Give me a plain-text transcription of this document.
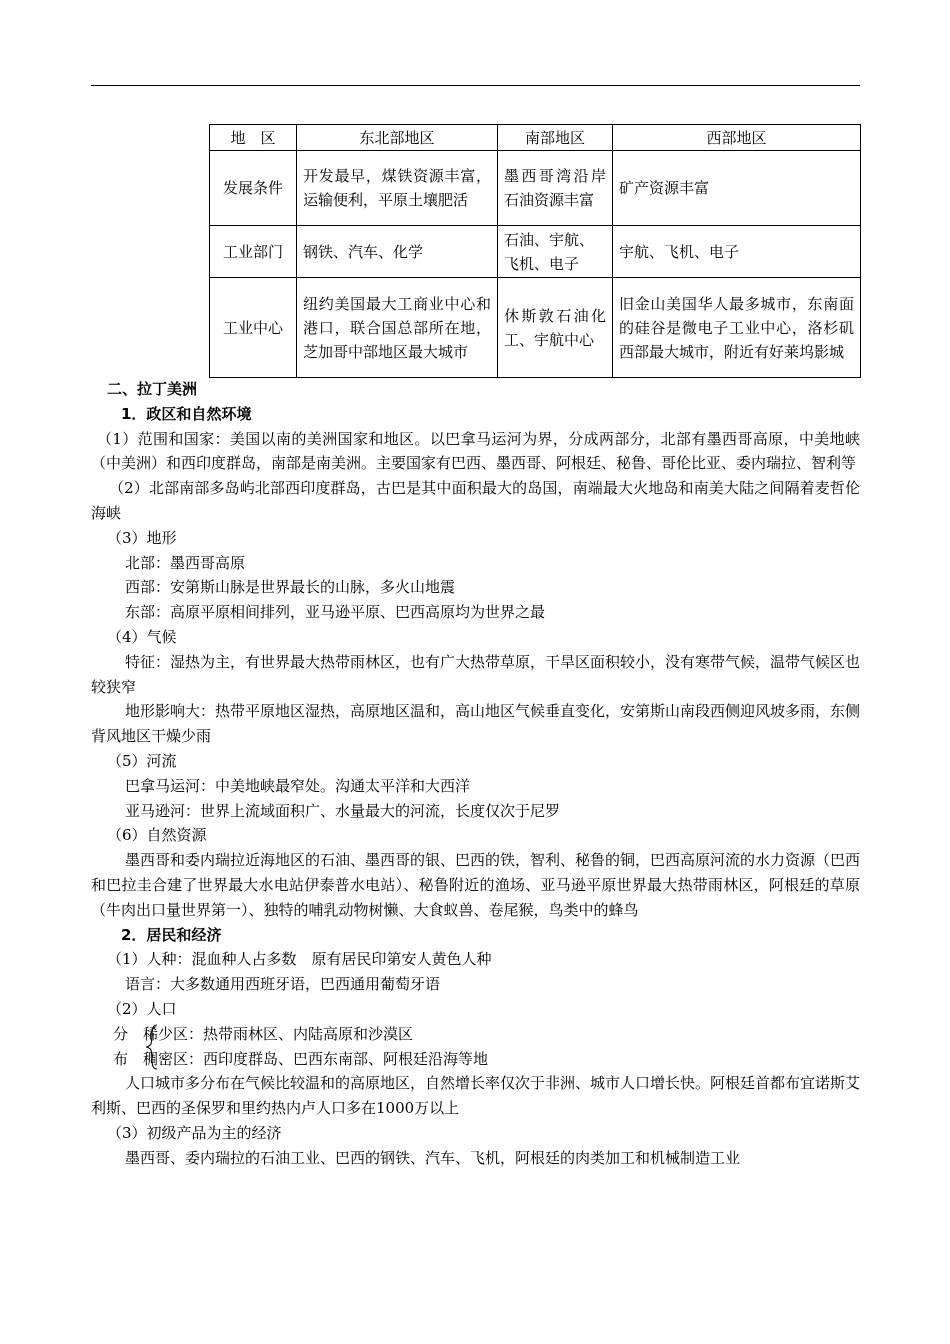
地　区	东北部地区	南部地区	西部地区
发展条件	开发最早，煤铁资源丰富，运输便利，平原土壤肥活	墨西哥湾沿岸石油资源丰富	矿产资源丰富
工业部门	钢铁、汽车、化学	石油、宇航、飞机、电子	宇航、飞机、电子
工业中心	纽约美国最大工商业中心和港口，联合国总部所在地，芝加哥中部地区最大城市	休斯敦石油化工、宇航中心	旧金山美国华人最多城市，东南面的硅谷是微电子工业中心，洛杉矶西部最大城市，附近有好莱坞影城

二、拉丁美洲

1．政区和自然环境

（1）范围和国家：美国以南的美洲国家和地区。以巴拿马运河为界，分成两部分，北部有墨西哥高原，中美地峡（中美洲）和西印度群岛，南部是南美洲。主要国家有巴西、墨西哥、阿根廷、秘鲁、哥伦比亚、委内瑞拉、智利等

（2）北部南部多岛屿北部西印度群岛，古巴是其中面积最大的岛国，南端最大火地岛和南美大陆之间隔着麦哲伦海峡

（3）地形

北部：墨西哥高原

西部：安第斯山脉是世界最长的山脉，多火山地震

东部：高原平原相间排列，亚马逊平原、巴西高原均为世界之最

（4）气候

特征：湿热为主，有世界最大热带雨林区，也有广大热带草原，干旱区面积较小，没有寒带气候，温带气候区也较狭窄

地形影响大：热带平原地区湿热，高原地区温和，高山地区气候垂直变化，安第斯山南段西侧迎风坡多雨，东侧背风地区干燥少雨

（5）河流

巴拿马运河：中美地峡最窄处。沟通太平洋和大西洋

亚马逊河：世界上流域面积广、水量最大的河流，长度仅次于尼罗

（6）自然资源

墨西哥和委内瑞拉近海地区的石油、墨西哥的银、巴西的铁，智利、秘鲁的铜，巴西高原河流的水力资源（巴西和巴拉圭合建了世界最大水电站伊泰普水电站）、秘鲁附近的渔场、亚马逊平原世界最大热带雨林区，阿根廷的草原（牛肉出口量世界第一）、独特的哺乳动物树懒、大食蚁兽、卷尾猴，鸟类中的蜂鸟

2．居民和经济

（1）人种：混血种人占多数　原有居民印第安人黄色人种

语言：大多数通用西班牙语，巴西通用葡萄牙语

（2）人口

分　稀少区：热带雨林区、内陆高原和沙漠区
布　稠密区：西印度群岛、巴西东南部、阿根廷沿海等地

人口城市多分布在气候比较温和的高原地区，自然增长率仅次于非洲、城市人口增长快。阿根廷首都布宜诺斯艾利斯、巴西的圣保罗和里约热内卢人口多在1000万以上

（3）初级产品为主的经济

墨西哥、委内瑞拉的石油工业、巴西的钢铁、汽车、飞机，阿根廷的肉类加工和机械制造工业
